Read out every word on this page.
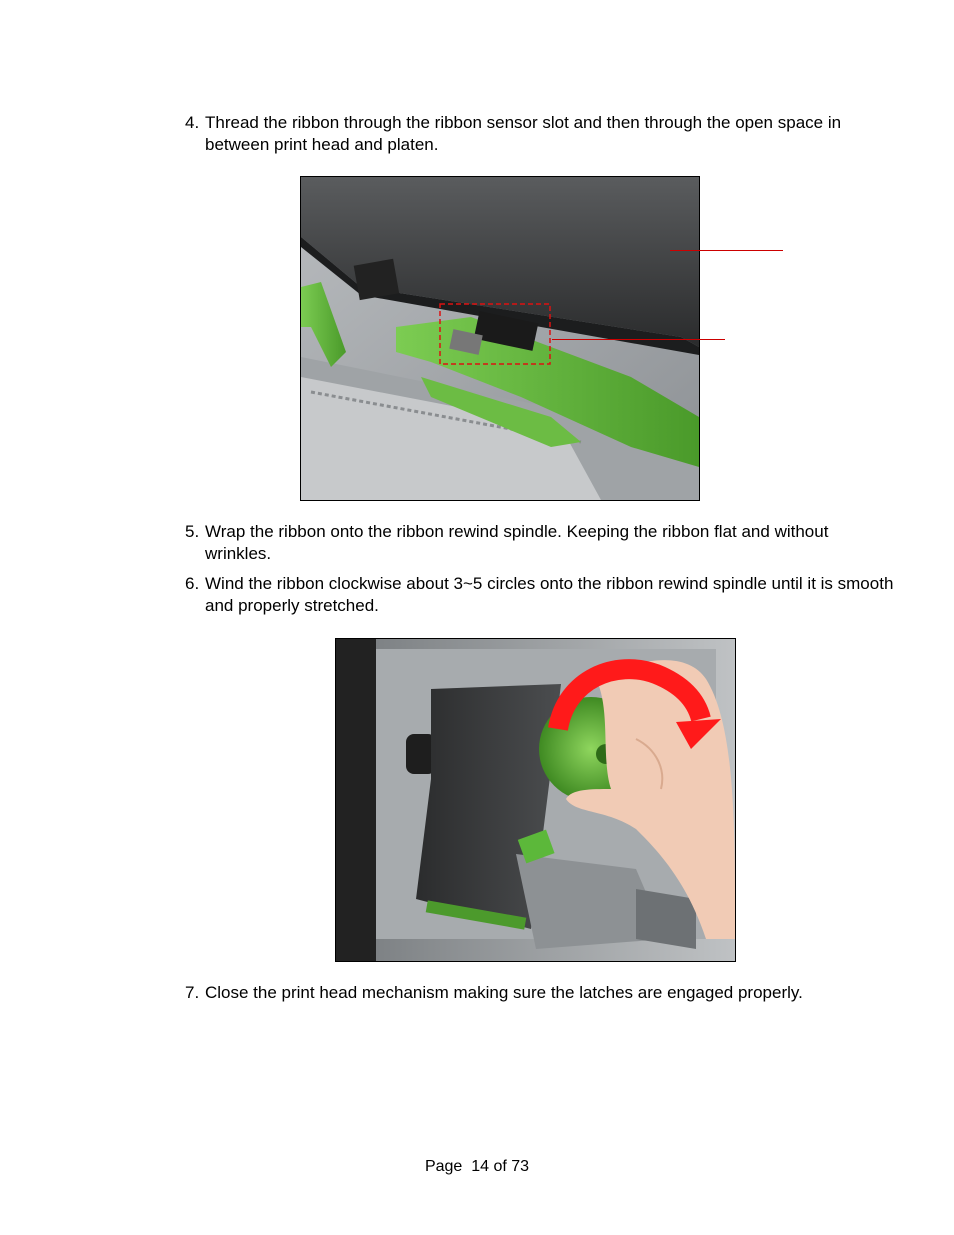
4. Thread the ribbon through the ribbon sensor slot and then through the open space in between print head and platen.
5. Wrap the ribbon onto the ribbon rewind spindle. Keeping the ribbon flat and without wrinkles.
6. Wind the ribbon clockwise about 3~5 circles onto the ribbon rewind spindle until it is smooth and properly stretched.
7. Close the print head mechanism making sure the latches are engaged properly.
Page  14 of 73
